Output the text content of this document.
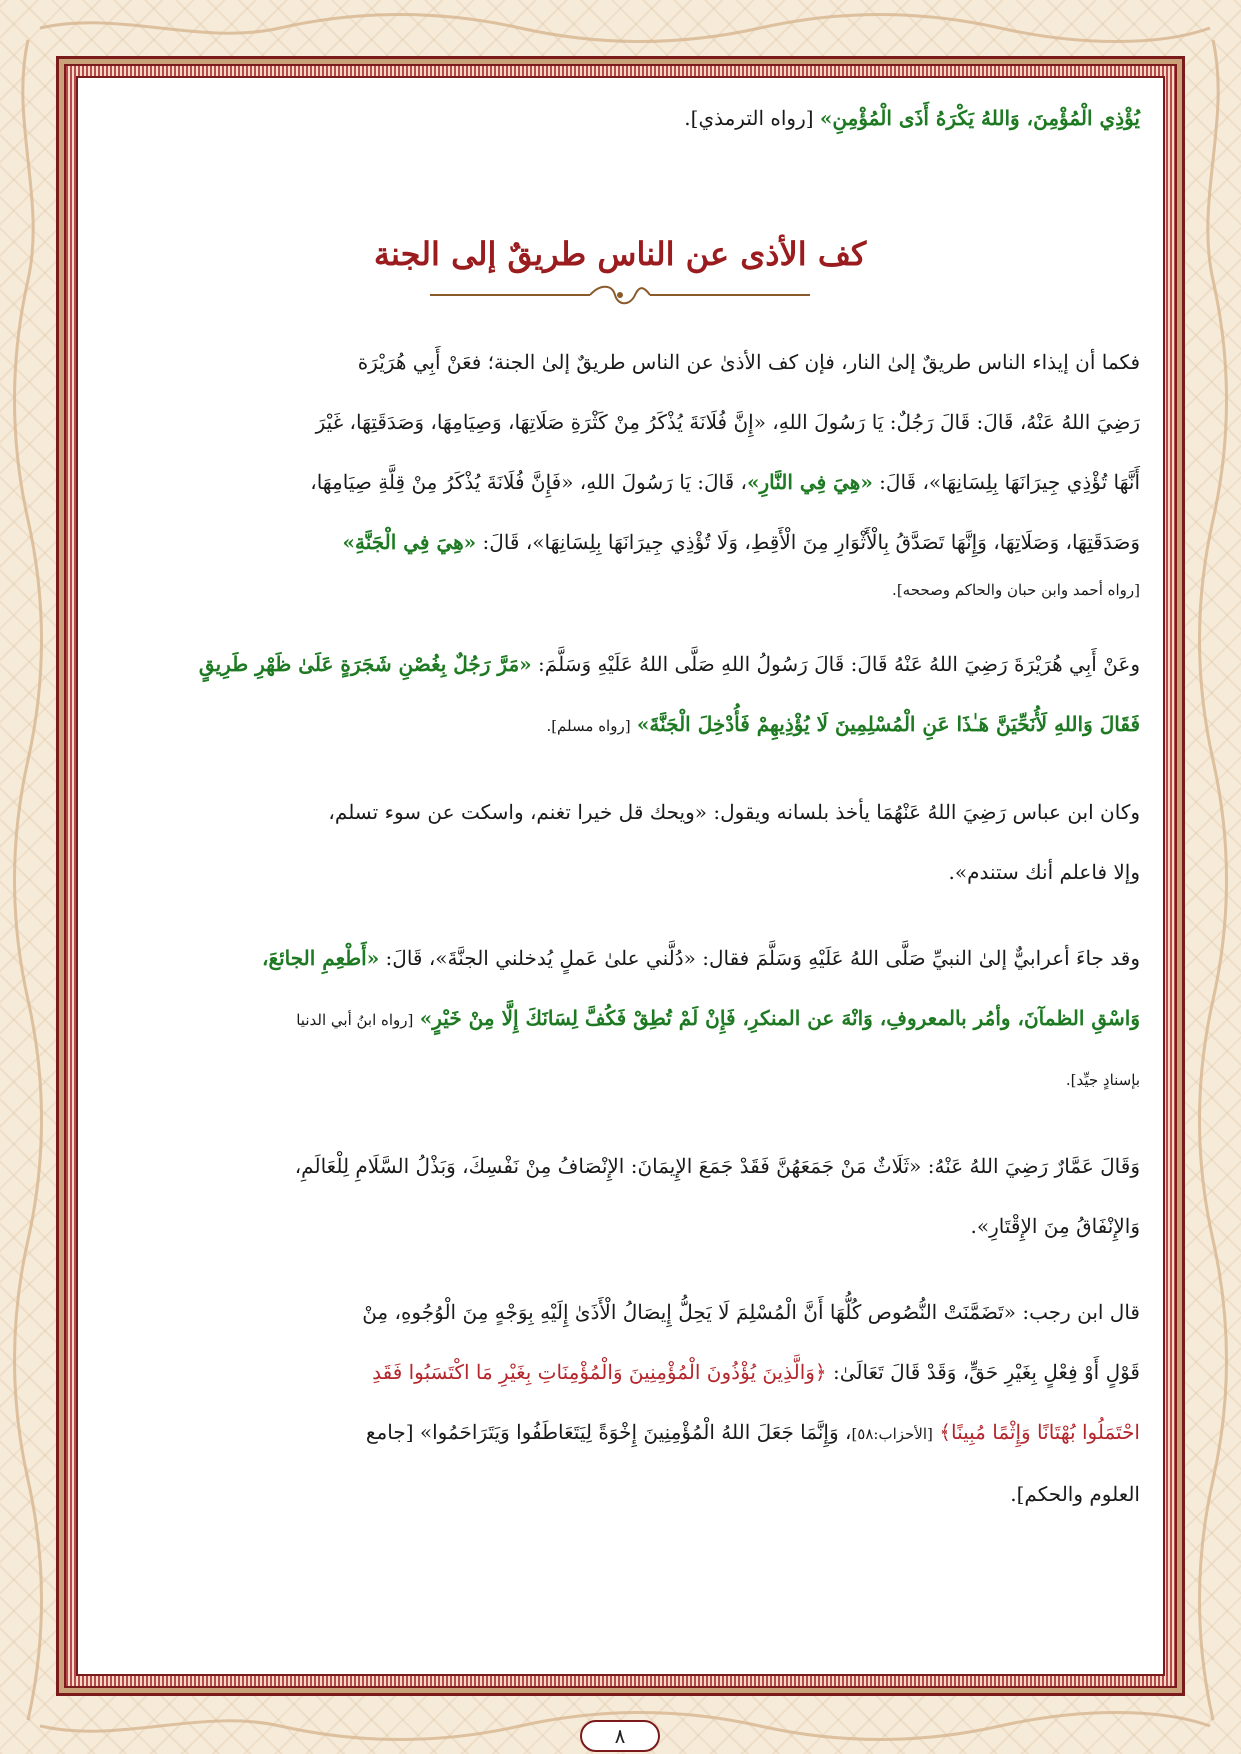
يُؤْذِي الْمُؤْمِنَ، وَاللهُ يَكْرَهُ أَذَى الْمُؤْمِنِ» [رواه الترمذي].

كف الأذى عن الناس طريقٌ إلى الجنة

فكما أن إيذاء الناس طريقٌ إلىٰ النار، فإن كف الأذىٰ عن الناس طريقٌ إلىٰ الجنة؛ فعَنْ أَبِي هُرَيْرَة

رَضِيَ اللهُ عَنْهُ، قَالَ: قَالَ رَجُلٌ: يَا رَسُولَ اللهِ، «إِنَّ فُلَانَةَ يُذْكَرُ مِنْ كَثْرَةِ صَلَاتِهَا، وَصِيَامِهَا، وَصَدَقَتِهَا، غَيْرَ

أَنَّهَا تُؤْذِي جِيرَانَهَا بِلِسَانِهَا»، قَالَ: «هِيَ فِي النَّارِ»، قَالَ: يَا رَسُولَ اللهِ، «فَإِنَّ فُلَانَةَ يُذْكَرُ مِنْ قِلَّةِ صِيَامِهَا،

وَصَدَقَتِهَا، وَصَلَاتِهَا، وَإِنَّهَا تَصَدَّقُ بِالْأَثْوَارِ مِنَ الْأَقِطِ، وَلَا تُؤْذِي جِيرَانَهَا بِلِسَانِهَا»، قَالَ: «هِيَ فِي الْجَنَّةِ»

[رواه أحمد وابن حبان والحاكم وصححه].

وعَنْ أَبِي هُرَيْرَةَ رَضِيَ اللهُ عَنْهُ قَالَ: قَالَ رَسُولُ اللهِ صَلَّى اللهُ عَلَيْهِ وَسَلَّمَ: «مَرَّ رَجُلٌ بِغُصْنِ شَجَرَةٍ عَلَىٰ ظَهْرِ طَرِيقٍ

فَقَالَ وَاللهِ لَأُنَحِّيَنَّ هَـٰذَا عَنِ الْمُسْلِمِينَ لَا يُؤْذِيهِمْ فَأُدْخِلَ الْجَنَّةَ» [رواه مسلم].

وكان ابن عباس رَضِيَ اللهُ عَنْهُمَا يأخذ بلسانه ويقول: «ويحك قل خيرا تغنم، واسكت عن سوء تسلم،

وإلا فاعلم أنك ستندم».

وقد جاءَ أعرابيٌّ إلىٰ النبيِّ صَلَّى اللهُ عَلَيْهِ وَسَلَّمَ فقال: «دُلَّني علىٰ عَملٍ يُدخلني الجنَّةَ»، قَالَ: «أَطْعِمِ الجائعَ،

وَاسْقِ الظمآنَ، وأمُر بالمعروفِ، وَانْهَ عن المنكرِ، فَإِنْ لَمْ تُطِقْ فَكُفَّ لِسَانَكَ إِلَّا مِنْ خَيْرٍ» [رواه ابنُ أبي الدنيا

بإسنادٍ جيِّد].

وَقَالَ عَمَّارٌ رَضِيَ اللهُ عَنْهُ: «ثَلَاثٌ مَنْ جَمَعَهُنَّ فَقَدْ جَمَعَ الإِيمَانَ: الإِنْصَافُ مِنْ نَفْسِكَ، وَبَذْلُ السَّلَامِ لِلْعَالَمِ،

وَالإِنْفَاقُ مِنَ الإِقْتَارِ».

قال ابن رجب: «تَضَمَّنَتْ النُّصُوص كُلُّهَا أَنَّ الْمُسْلِمَ لَا يَحِلُّ إِيصَالُ الْأَذَىٰ إِلَيْهِ بِوَجْهٍ مِنَ الْوُجُوهِ، مِنْ

قَوْلٍ أَوْ فِعْلٍ بِغَيْرِ حَقٍّ، وَقَدْ قَالَ تَعَالَىٰ: ﴿وَالَّذِينَ يُؤْذُونَ الْمُؤْمِنِينَ وَالْمُؤْمِنَاتِ بِغَيْرِ مَا اكْتَسَبُوا فَقَدِ

احْتَمَلُوا بُهْتَانًا وَإِثْمًا مُبِينًا﴾ [الأحزاب:٥٨]، وَإِنَّمَا جَعَلَ اللهُ الْمُؤْمِنِينَ إِخْوَةً لِيَتَعَاطَفُوا وَيَتَرَاحَمُوا» [جامع

العلوم والحكم].

٨
